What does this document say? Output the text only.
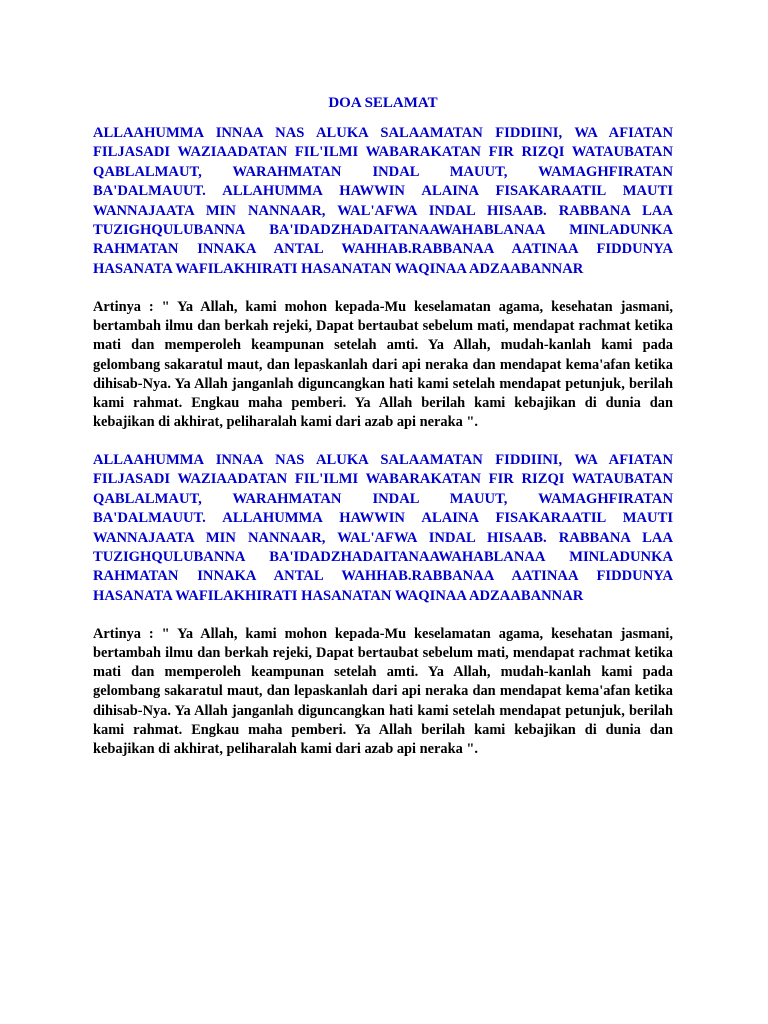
DOA SELAMAT

ALLAAHUMMA INNAA NAS ALUKA SALAAMATAN FIDDIINI, WA AFIATAN FILJASADI WAZIAADATAN FIL'ILMI WABARAKATAN FIR RIZQI WATAUBATAN QABLALMAUT, WARAHMATAN INDAL MAUUT, WAMAGHFIRATAN BA'DALMAUUT. ALLAHUMMA HAWWIN ALAINA FISAKARAATIL MAUTI WANNAJAATA MIN NANNAAR, WAL'AFWA INDAL HISAAB. RABBANA LAA TUZIGHQULUBANNA BA'IDADZHADAITANAAWAHABLANAA MINLADUNKA RAHMATAN INNAKA ANTAL WAHHAB.RABBANAA AATINAA FIDDUNYA HASANATA WAFILAKHIRATI HASANATAN WAQINAA ADZAABANNAR

Artinya : " Ya Allah, kami mohon kepada-Mu keselamatan agama, kesehatan jasmani, bertambah ilmu dan berkah rejeki, Dapat bertaubat sebelum mati, mendapat rachmat ketika mati dan memperoleh keampunan setelah amti. Ya Allah, mudah-kanlah kami pada gelombang sakaratul maut, dan lepaskanlah dari api neraka dan mendapat kema'afan ketika dihisab-Nya. Ya Allah janganlah diguncangkan hati kami setelah mendapat petunjuk, berilah kami rahmat. Engkau maha pemberi. Ya Allah berilah kami kebajikan di dunia dan kebajikan di akhirat, peliharalah kami dari azab api neraka ".

ALLAAHUMMA INNAA NAS ALUKA SALAAMATAN FIDDIINI, WA AFIATAN FILJASADI WAZIAADATAN FIL'ILMI WABARAKATAN FIR RIZQI WATAUBATAN QABLALMAUT, WARAHMATAN INDAL MAUUT, WAMAGHFIRATAN BA'DALMAUUT. ALLAHUMMA HAWWIN ALAINA FISAKARAATIL MAUTI WANNAJAATA MIN NANNAAR, WAL'AFWA INDAL HISAAB. RABBANA LAA TUZIGHQULUBANNA BA'IDADZHADAITANAAWAHABLANAA MINLADUNKA RAHMATAN INNAKA ANTAL WAHHAB.RABBANAA AATINAA FIDDUNYA HASANATA WAFILAKHIRATI HASANATAN WAQINAA ADZAABANNAR

Artinya : " Ya Allah, kami mohon kepada-Mu keselamatan agama, kesehatan jasmani, bertambah ilmu dan berkah rejeki, Dapat bertaubat sebelum mati, mendapat rachmat ketika mati dan memperoleh keampunan setelah amti. Ya Allah, mudah-kanlah kami pada gelombang sakaratul maut, dan lepaskanlah dari api neraka dan mendapat kema'afan ketika dihisab-Nya. Ya Allah janganlah diguncangkan hati kami setelah mendapat petunjuk, berilah kami rahmat. Engkau maha pemberi. Ya Allah berilah kami kebajikan di dunia dan kebajikan di akhirat, peliharalah kami dari azab api neraka ".
